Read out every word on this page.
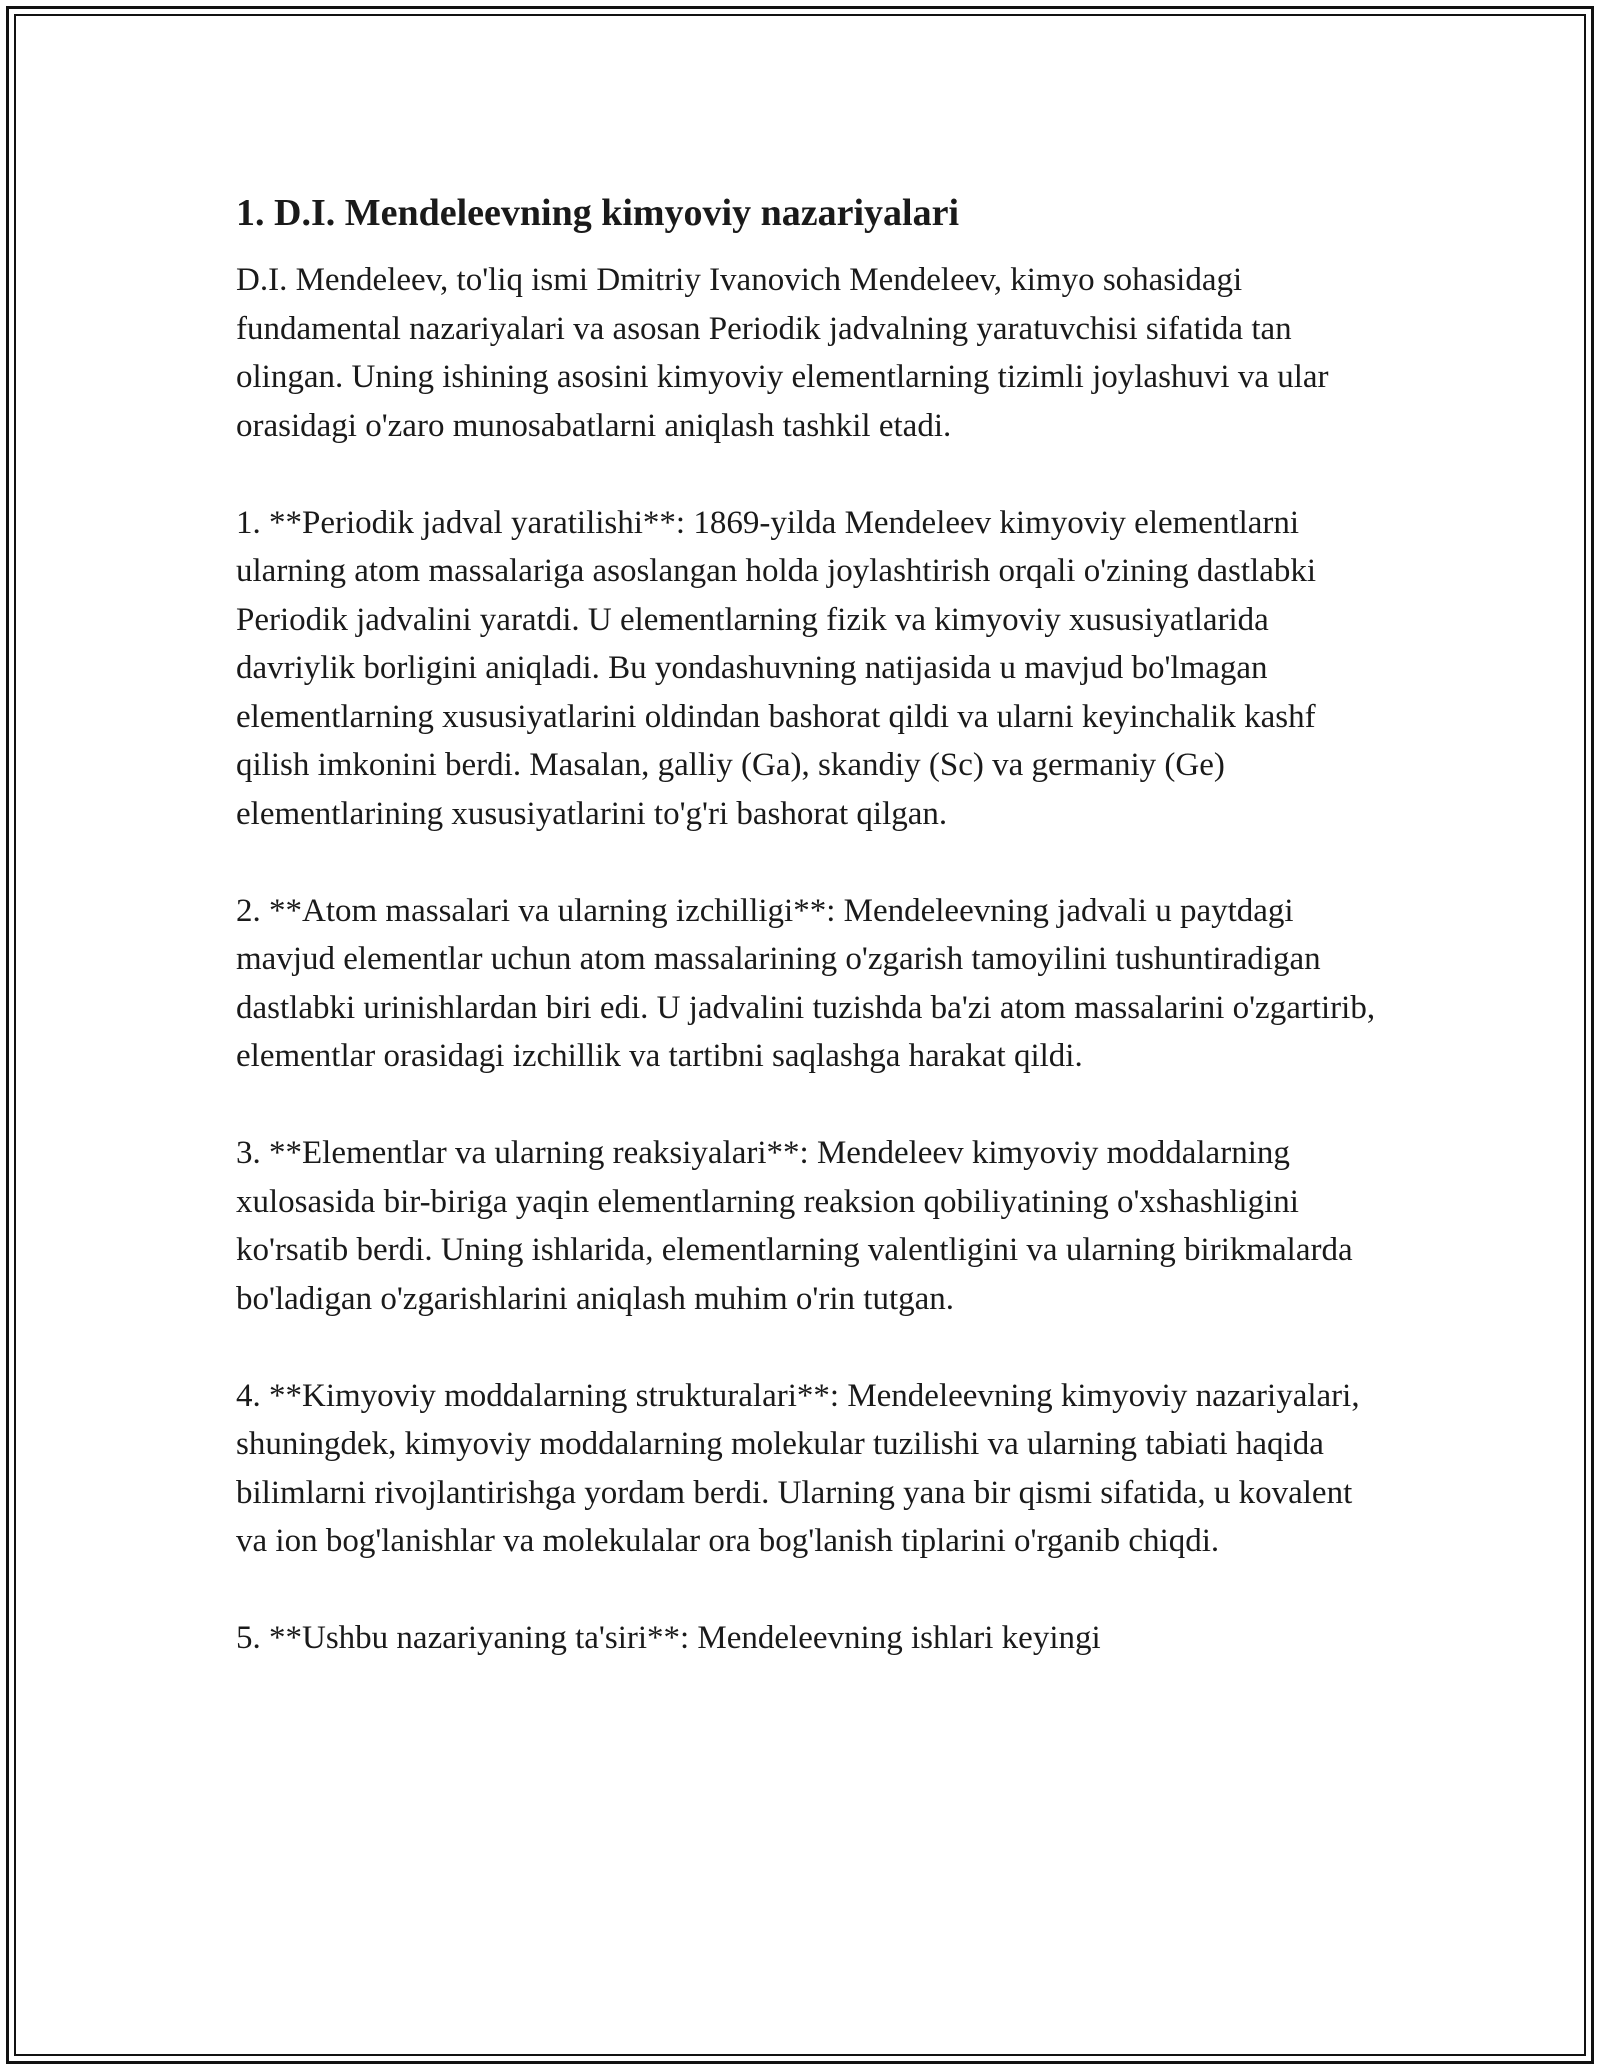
1. D.I. Mendeleevning kimyoviy nazariyalari

D.I. Mendeleev, to'liq ismi Dmitriy Ivanovich Mendeleev, kimyo sohasidagi fundamental nazariyalari va asosan Periodik jadvalning yaratuvchisi sifatida tan olingan. Uning ishining asosini kimyoviy elementlarning tizimli joylashuvi va ular orasidagi o'zaro munosabatlarni aniqlash tashkil etadi.

1. **Periodik jadval yaratilishi**: 1869-yilda Mendeleev kimyoviy elementlarni ularning atom massalariga asoslangan holda joylashtirish orqali o'zining dastlabki Periodik jadvalini yaratdi. U elementlarning fizik va kimyoviy xususiyatlarida davriylik borligini aniqladi. Bu yondashuvning natijasida u mavjud bo'lmagan elementlarning xususiyatlarini oldindan bashorat qildi va ularni keyinchalik kashf qilish imkonini berdi. Masalan, galliy (Ga), skandiy (Sc) va germaniy (Ge) elementlarining xususiyatlarini to'g'ri bashorat qilgan.

2. **Atom massalari va ularning izchilligi**: Mendeleevning jadvali u paytdagi mavjud elementlar uchun atom massalarining o'zgarish tamoyilini tushuntiradigan dastlabki urinishlardan biri edi. U jadvalini tuzishda ba'zi atom massalarini o'zgartirib, elementlar orasidagi izchillik va tartibni saqlashga harakat qildi.

3. **Elementlar va ularning reaksiyalari**: Mendeleev kimyoviy moddalarning xulosasida bir-biriga yaqin elementlarning reaksion qobiliyatining o'xshashligini ko'rsatib berdi. Uning ishlarida, elementlarning valentligini va ularning birikmalarda bo'ladigan o'zgarishlarini aniqlash muhim o'rin tutgan.

4. **Kimyoviy moddalarning strukturalari**: Mendeleevning kimyoviy nazariyalari, shuningdek, kimyoviy moddalarning molekular tuzilishi va ularning tabiati haqida bilimlarni rivojlantirishga yordam berdi. Ularning yana bir qismi sifatida, u kovalent va ion bog'lanishlar va molekulalar ora bog'lanish tiplarini o'rganib chiqdi.

5. **Ushbu nazariyaning ta'siri**: Mendeleevning ishlari keyingi
